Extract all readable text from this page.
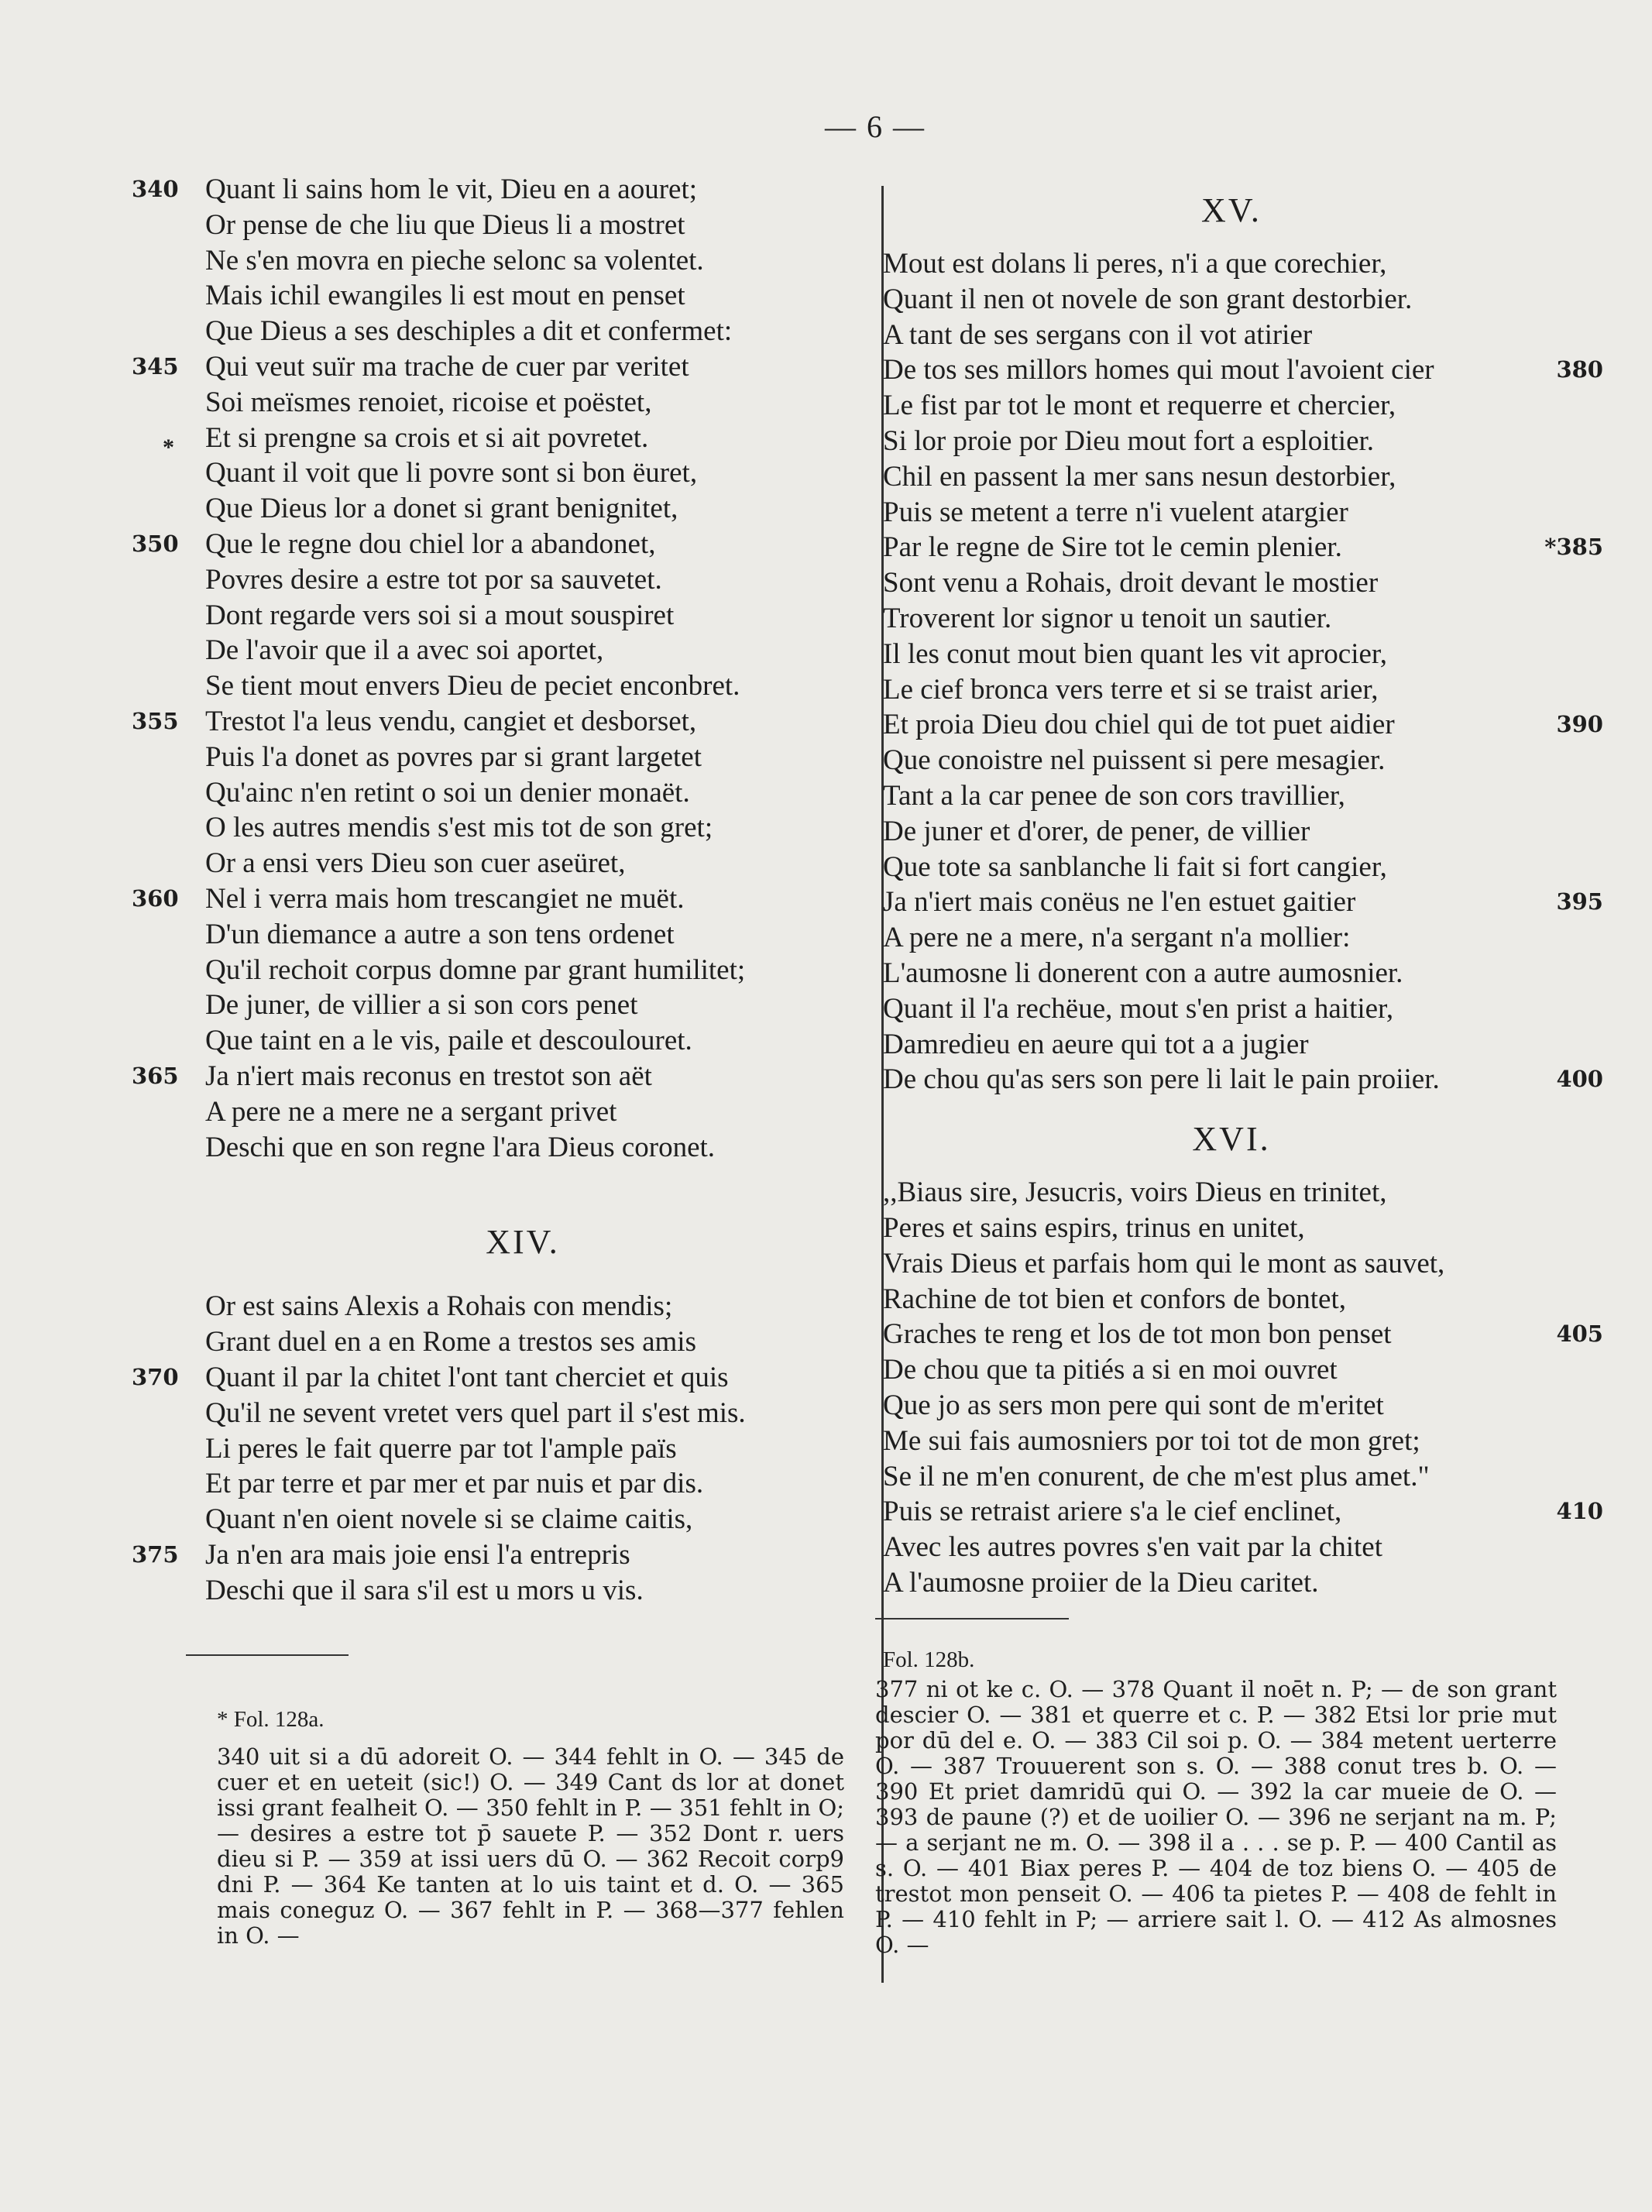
— 6 —
340 Quant li sains hom le vit, Dieu en a aouret;
Or pense de che liu que Dieus li a mostret
Ne s'en movra en pieche selonc sa volentet.
Mais ichil ewangiles li est mout en penset
Que Dieus a ses deschiples a dit et confermet:
345 Qui veut suïr ma trache de cuer par veritet
Soi meïsmes renoiet, ricoise et poëstet,
Et si prengne sa crois et si ait povretet.
*
Quant il voit que li povre sont si bon ëuret,
Que Dieus lor a donet si grant benignitet,
350 Que le regne dou chiel lor a abandonet,
Povres desire a estre tot por sa sauvetet.
Dont regarde vers soi si a mout souspiret
De l'avoir que il a avec soi aportet,
Se tient mout envers Dieu de peciet enconbret.
355 Trestot l'a leus vendu, cangiet et desborset,
Puis l'a donet as povres par si grant largetet
Qu'ainc n'en retint o soi un denier monaët.
O les autres mendis s'est mis tot de son gret;
Or a ensi vers Dieu son cuer aseüret,
360 Nel i verra mais hom trescangiet ne muët.
D'un diemance a autre a son tens ordenet
Qu'il rechoit corpus domne par grant humilitet;
De juner, de villier a si son cors penet
Que taint en a le vis, paile et descoulouret.
365 Ja n'iert mais reconus en trestot son aët
A pere ne a mere ne a sergant privet
Deschi que en son regne l'ara Dieus coronet.
XIV.
Or est sains Alexis a Rohais con mendis;
Grant duel en a en Rome a trestos ses amis
370 Quant il par la chitet l'ont tant cherciet et quis
Qu'il ne sevent vretet vers quel part il s'est mis.
Li peres le fait querre par tot l'ample païs
Et par terre et par mer et par nuis et par dis.
Quant n'en oient novele si se claime caitis,
375 Ja n'en ara mais joie ensi l'a entrepris
Deschi que il sara s'il est u mors u vis.
* Fol. 128a.
340 uit si a dū adoreit O. — 344 fehlt in O. — 345 de cuer et en ueteit (sic!) O. — 349 Cant ds lor at donet issi grant fealheit O. — 350 fehlt in P. — 351 fehlt in O; — desires a estre tot p̄ sauete P. — 352 Dont r. uers dieu si P. — 359 at issi uers dū O. — 362 Recoit corp9 dni P. — 364 Ke tanten at lo uis taint et d. O. — 365 mais coneguz O. — 367 fehlt in P. — 368—377 fehlen in O. —
XV.
Mout est dolans li peres, n'i a que corechier,
Quant il nen ot novele de son grant destorbier.
A tant de ses sergans con il vot atirier
380
De tos ses millors homes qui mout l'avoient cier
Le fist par tot le mont et requerre et chercier,
Si lor proie por Dieu mout fort a esploitier.
Chil en passent la mer sans nesun destorbier,
Puis se metent a terre n'i vuelent atargier
*385
Par le regne de Sire tot le cemin plenier.
Sont venu a Rohais, droit devant le mostier
Troverent lor signor u tenoit un sautier.
Il les conut mout bien quant les vit aprocier,
Le cief bronca vers terre et si se traist arier,
390
Et proia Dieu dou chiel qui de tot puet aidier
Que conoistre nel puissent si pere mesagier.
Tant a la car penee de son cors travillier,
De juner et d'orer, de pener, de villier
Que tote sa sanblanche li fait si fort cangier,
395
Ja n'iert mais conëus ne l'en estuet gaitier
A pere ne a mere, n'a sergant n'a mollier:
L'aumosne li donerent con a autre aumosnier.
Quant il l'a rechëue, mout s'en prist a haitier,
Damredieu en aeure qui tot a a jugier
400
De chou qu'as sers son pere li lait le pain proiier.
XVI.
,,Biaus sire, Jesucris, voirs Dieus en trinitet,
Peres et sains espirs, trinus en unitet,
Vrais Dieus et parfais hom qui le mont as sauvet,
Rachine de tot bien et confors de bontet,
405
Graches te reng et los de tot mon bon penset
De chou que ta pitiés a si en moi ouvret
Que jo as sers mon pere qui sont de m'eritet
Me sui fais aumosniers por toi tot de mon gret;
Se il ne m'en conurent, de che m'est plus amet."
410
Puis se retraist ariere s'a le cief enclinet,
Avec les autres povres s'en vait par la chitet
A l'aumosne proiier de la Dieu caritet.
Fol. 128b.
377 ni ot ke c. O. — 378 Quant il noēt n. P; — de son grant descier O. — 381 et querre et c. P. — 382 Etsi lor prie mut por dū del e. O. — 383 Cil soi p. O. — 384 metent uerterre O. — 387 Trouuerent son s. O. — 388 conut tres b. O. — 390 Et priet damridū qui O. — 392 la car mueie de O. — 393 de paune (?) et de uoilier O. — 396 ne serjant na m. P; — a serjant ne m. O. — 398 il a . . . se p. P. — 400 Cantil as s. O. — 401 Biax peres P. — 404 de toz biens O. — 405 de trestot mon penseit O. — 406 ta pietes P. — 408 de fehlt in P. — 410 fehlt in P; — arriere sait l. O. — 412 As almosnes O. —
